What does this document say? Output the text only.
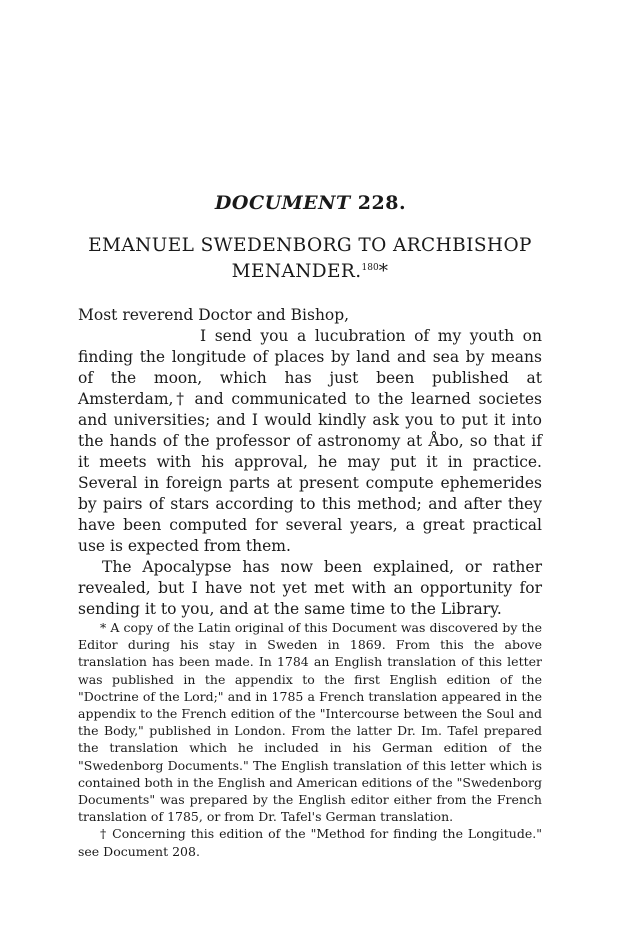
DOCUMENT 228.
EMANUEL SWEDENBORG TO ARCHBISHOP
MENANDER.$^{180}$*

Most reverend Doctor and Bishop,

I send you a lucubration of my youth on finding the longitude of places by land and sea by means of the moon, which has just been published at Amsterdam,† and communicated to the learned societes and universities; and I would kindly ask you to put it into the hands of the professor of astronomy at Åbo, so that if it meets with his approval, he may put it in practice. Several in foreign parts at present compute ephemerides by pairs of stars according to this method; and after they have been computed for several years, a great practical use is expected from them.

The Apocalypse has now been explained, or rather revealed, but I have not yet met with an opportunity for sending it to you, and at the same time to the Library.

* A copy of the Latin original of this Document was discovered by the Editor during his stay in Sweden in 1869. From this the above translation has been made. In 1784 an English translation of this letter was published in the appendix to the first English edition of the "Doctrine of the Lord;" and in 1785 a French translation appeared in the appendix to the French edition of the "Intercourse between the Soul and the Body," published in London. From the latter Dr. Im. Tafel prepared the translation which he included in his German edition of the "Swedenborg Documents." The English translation of this letter which is contained both in the English and American editions of the "Swedenborg Documents" was prepared by the English editor either from the French translation of 1785, or from Dr. Tafel's German translation.

† Concerning this edition of the "Method for finding the Longitude." see Document 208.
